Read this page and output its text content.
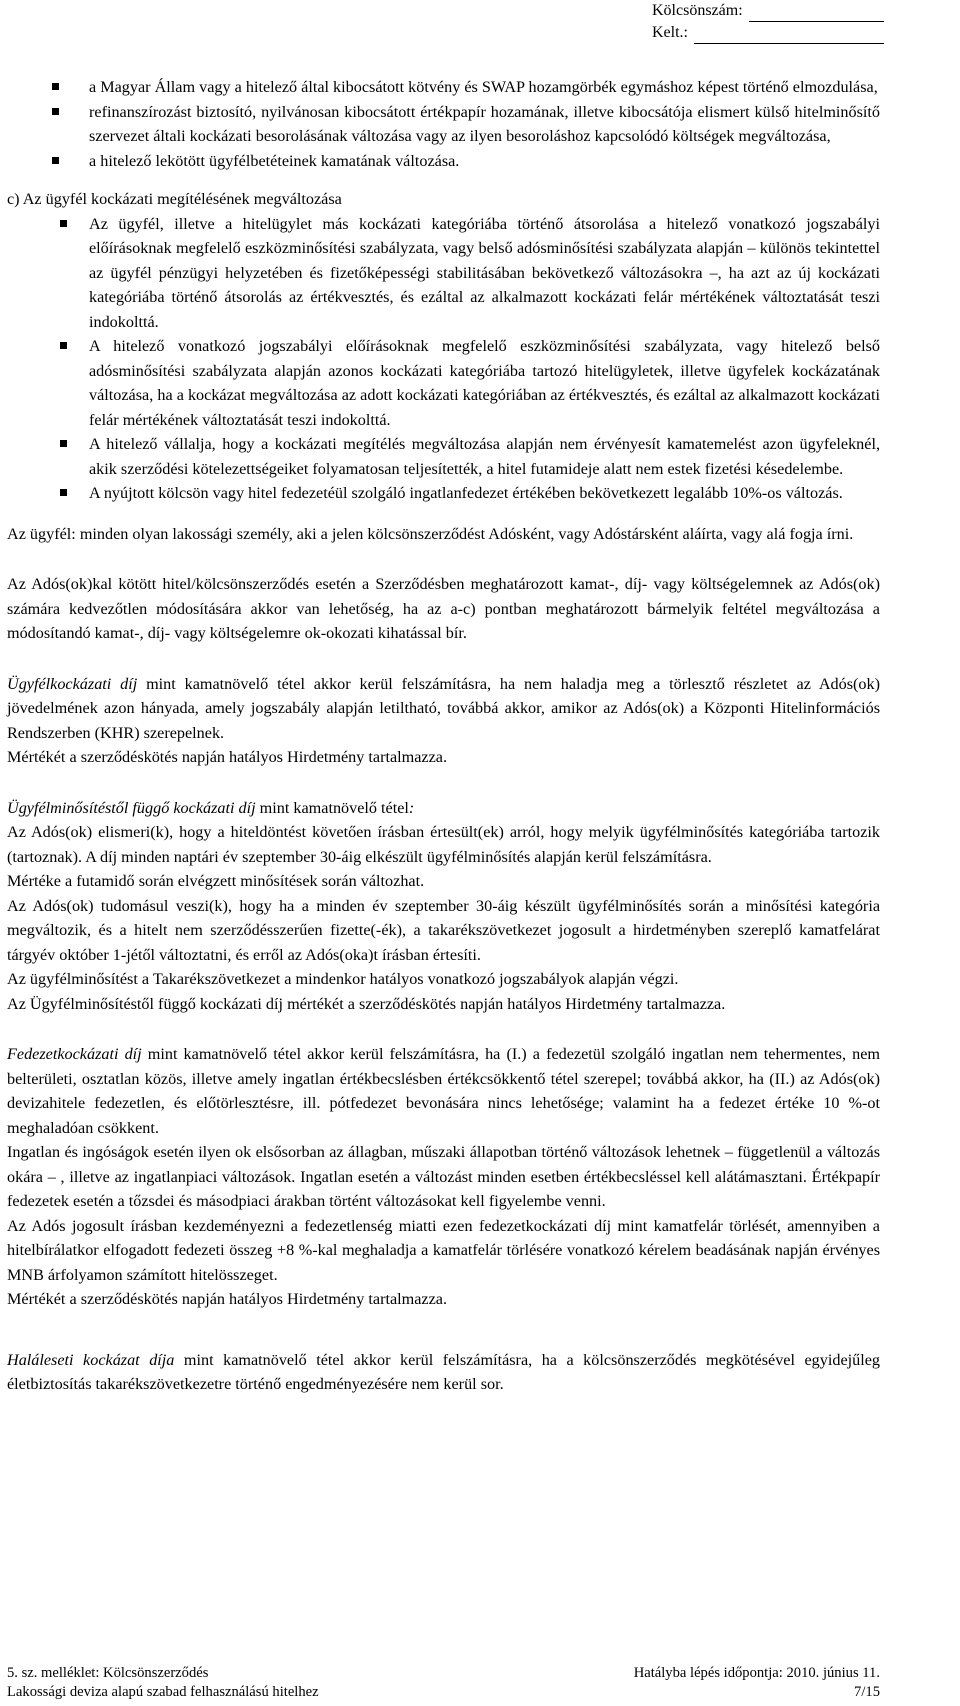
Kölcsönszám:
Kelt.:
a Magyar Állam vagy a hitelező által kibocsátott kötvény és SWAP hozamgörbék egymáshoz képest történő elmozdulása,
refinanszírozást biztosító, nyilvánosan kibocsátott értékpapír hozamának, illetve kibocsátója elismert külső hitelminősítő szervezet általi kockázati besorolásának változása vagy az ilyen besoroláshoz kapcsolódó költségek megváltozása,
a hitelező lekötött ügyfélbetéteinek kamatának változása.

c) Az ügyfél kockázati megítélésének megváltozása

Az ügyfél, illetve a hitelügylet más kockázati kategóriába történő átsorolása a hitelező vonatkozó jogszabályi előírásoknak megfelelő eszközminősítési szabályzata, vagy belső adósminősítési szabályzata alapján – különös tekintettel az ügyfél pénzügyi helyzetében és fizetőképességi stabilitásában bekövetkező változásokra –, ha azt az új kockázati kategóriába történő átsorolás az értékvesztés, és ezáltal az alkalmazott kockázati felár mértékének változtatását teszi indokolttá.
A hitelező vonatkozó jogszabályi előírásoknak megfelelő eszközminősítési szabályzata, vagy hitelező belső adósminősítési szabályzata alapján azonos kockázati kategóriába tartozó hitelügyletek, illetve ügyfelek kockázatának változása, ha a kockázat megváltozása az adott kockázati kategóriában az értékvesztés, és ezáltal az alkalmazott kockázati felár mértékének változtatását teszi indokolttá.
A hitelező vállalja, hogy a kockázati megítélés megváltozása alapján nem érvényesít kamatemelést azon ügyfeleknél, akik szerződési kötelezettségeiket folyamatosan teljesítették, a hitel futamideje alatt nem estek fizetési késedelembe.
A nyújtott kölcsön vagy hitel fedezetéül szolgáló ingatlanfedezet értékében bekövetkezett legalább 10%-os változás.

Az ügyfél: minden olyan lakossági személy, aki a jelen kölcsönszerződést Adósként, vagy Adóstársként aláírta, vagy alá fogja írni.

Az Adós(ok)kal kötött hitel/kölcsönszerződés esetén a Szerződésben meghatározott kamat-, díj- vagy költségelemnek az Adós(ok) számára kedvezőtlen módosítására akkor van lehetőség, ha az a-c) pontban meghatározott bármelyik feltétel megváltozása a módosítandó kamat-, díj- vagy költségelemre ok-okozati kihatással bír.

Ügyfélkockázati díj mint kamatnövelő tétel akkor kerül felszámításra, ha nem haladja meg a törlesztő részletet az Adós(ok) jövedelmének azon hányada, amely jogszabály alapján letiltható, továbbá akkor, amikor az Adós(ok) a Központi Hitelinformációs Rendszerben (KHR) szerepelnek.

Mértékét a szerződéskötés napján hatályos Hirdetmény tartalmazza.

Ügyfélminősítéstől függő kockázati díj mint kamatnövelő tétel:

Az Adós(ok) elismeri(k), hogy a hiteldöntést követően írásban értesült(ek) arról, hogy melyik ügyfélminősítés kategóriába tartozik (tartoznak). A díj minden naptári év szeptember 30-áig elkészült ügyfélminősítés alapján kerül felszámításra.

Mértéke a futamidő során elvégzett minősítések során változhat.

Az Adós(ok) tudomásul veszi(k), hogy ha a minden év szeptember 30-áig készült ügyfélminősítés során a minősítési kategória megváltozik, és a hitelt nem szerződésszerűen fizette(-ék), a takarékszövetkezet jogosult a hirdetményben szereplő kamatfelárat tárgyév október 1-jétől változtatni, és erről az Adós(oka)t írásban értesíti.

Az ügyfélminősítést a Takarékszövetkezet a mindenkor hatályos vonatkozó jogszabályok alapján végzi.

Az Ügyfélminősítéstől függő kockázati díj mértékét a szerződéskötés napján hatályos Hirdetmény tartalmazza.

Fedezetkockázati díj mint kamatnövelő tétel akkor kerül felszámításra, ha (I.) a fedezetül szolgáló ingatlan nem tehermentes, nem belterületi, osztatlan közös, illetve amely ingatlan értékbecslésben értékcsökkentő tétel szerepel; továbbá akkor, ha (II.) az Adós(ok) devizahitele fedezetlen, és előtörlesztésre, ill. pótfedezet bevonására nincs lehetősége; valamint ha a fedezet értéke 10 %-ot meghaladóan csökkent.

Ingatlan és ingóságok esetén ilyen ok elsősorban az állagban, műszaki állapotban történő változások lehetnek – függetlenül a változás okára – , illetve az ingatlanpiaci változások. Ingatlan esetén a változást minden esetben értékbecsléssel kell alátámasztani. Értékpapír fedezetek esetén a tőzsdei és másodpiaci árakban történt változásokat kell figyelembe venni.

Az Adós jogosult írásban kezdeményezni a fedezetlenség miatti ezen fedezetkockázati díj mint kamatfelár törlését, amennyiben a hitelbírálatkor elfogadott fedezeti összeg +8 %-kal meghaladja a kamatfelár törlésére vonatkozó kérelem beadásának napján érvényes MNB árfolyamon számított hitelösszeget.

Mértékét a szerződéskötés napján hatályos Hirdetmény tartalmazza.

Haláleseti kockázat díja mint kamatnövelő tétel akkor kerül felszámításra, ha a kölcsönszerződés megkötésével egyidejűleg életbiztosítás takarékszövetkezetre történő engedményezésére nem kerül sor.

5. sz. melléklet: Kölcsönszerződés	Hatályba lépés időpontja: 2010. június 11.
Lakossági deviza alapú szabad felhasználású hitelhez	7/15
